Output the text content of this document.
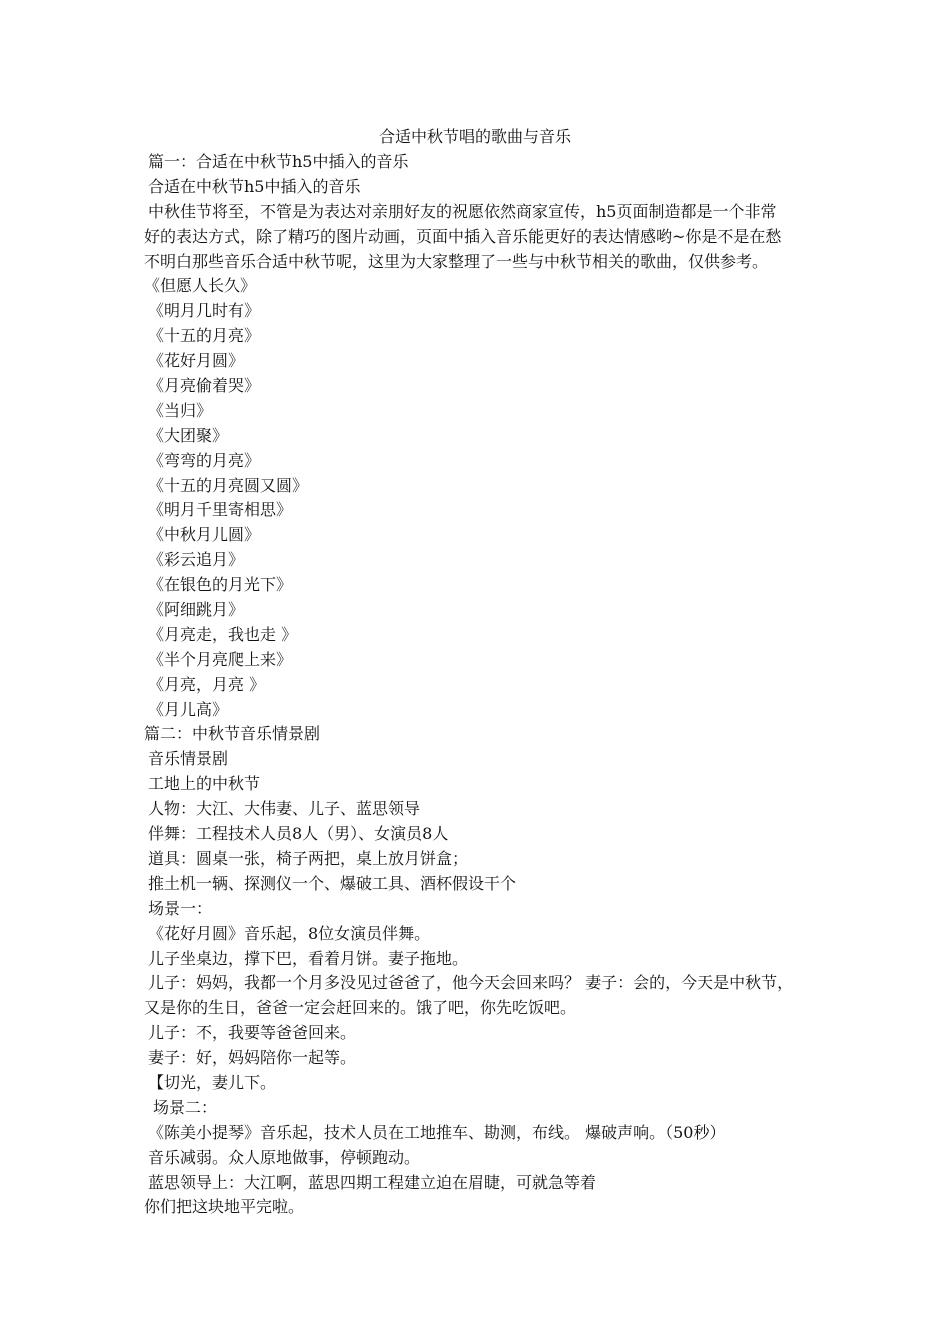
合适中秋节唱的歌曲与音乐
篇一：合适在中秋节h5中插入的音乐
合适在中秋节h5中插入的音乐
中秋佳节将至，不管是为表达对亲朋好友的祝愿依然商家宣传，h5页面制造都是一个非常
好的表达方式，除了精巧的图片动画，页面中插入音乐能更好的表达情感哟~你是不是在愁
不明白那些音乐合适中秋节呢，这里为大家整理了一些与中秋节相关的歌曲，仅供参考。
《但愿人长久》
《明月几时有》
《十五的月亮》
《花好月圆》
《月亮偷着哭》
《当归》
《大团聚》
《弯弯的月亮》
《十五的月亮圆又圆》
《明月千里寄相思》
《中秋月儿圆》
《彩云追月》
《在银色的月光下》
《阿细跳月》
《月亮走，我也走 》
《半个月亮爬上来》
《月亮，月亮 》
《月儿高》
篇二：中秋节音乐情景剧
音乐情景剧
工地上的中秋节
人物：大江、大伟妻、儿子、蓝思领导
伴舞：工程技术人员8人（男）、女演员8人
道具：圆桌一张，椅子两把，桌上放月饼盒；
推土机一辆、探测仪一个、爆破工具、酒杯假设干个
场景一：
《花好月圆》音乐起，8位女演员伴舞。
儿子坐桌边，撑下巴，看着月饼。妻子拖地。
儿子：妈妈，我都一个月多没见过爸爸了，他今天会回来吗？ 妻子：会的，今天是中秋节，
又是你的生日，爸爸一定会赶回来的。饿了吧，你先吃饭吧。
儿子：不，我要等爸爸回来。
妻子：好，妈妈陪你一起等。
【切光，妻儿下。
场景二：
《陈美小提琴》音乐起，技术人员在工地推车、勘测，布线。 爆破声响。（50秒）
音乐减弱。众人原地做事，停顿跑动。
蓝思领导上：大江啊，蓝思四期工程建立迫在眉睫，可就急等着
你们把这块地平完啦。
